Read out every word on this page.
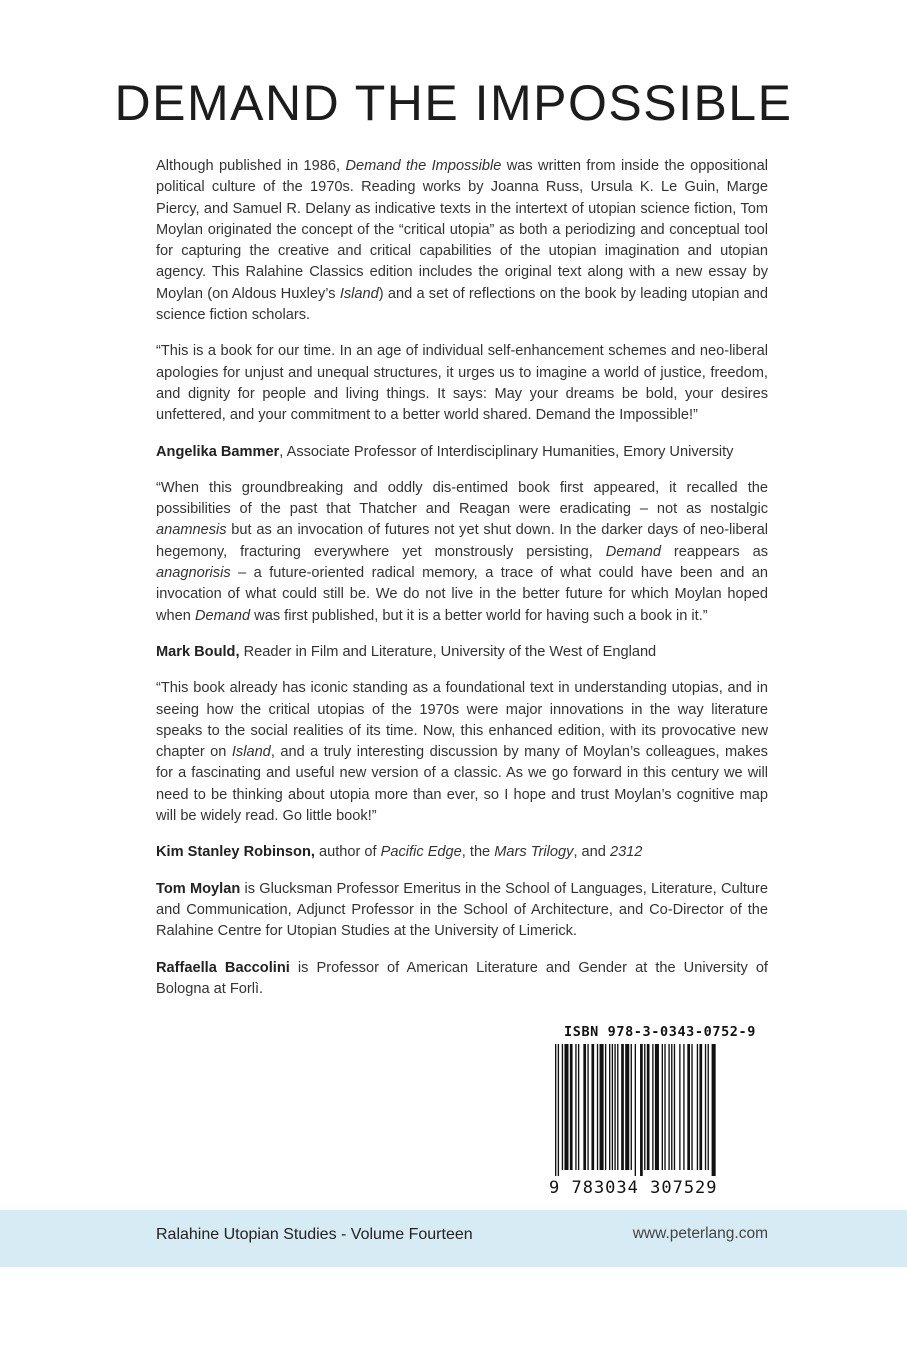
DEMAND THE IMPOSSIBLE

Although published in 1986, Demand the Impossible was written from inside the oppositional political culture of the 1970s. Reading works by Joanna Russ, Ursula K. Le Guin, Marge Piercy, and Samuel R. Delany as indicative texts in the intertext of utopian science fiction, Tom Moylan originated the concept of the “critical utopia” as both a periodizing and conceptual tool for capturing the creative and critical capabilities of the utopian imagination and utopian agency. This Ralahine Classics edition includes the original text along with a new essay by Moylan (on Aldous Huxley’s Island) and a set of reflections on the book by leading utopian and science fiction scholars.

“This is a book for our time. In an age of individual self-enhancement schemes and neo-liberal apologies for unjust and unequal structures, it urges us to imagine a world of justice, freedom, and dignity for people and living things. It says: May your dreams be bold, your desires unfettered, and your commitment to a better world shared. Demand the Impossible!”

Angelika Bammer, Associate Professor of Interdisciplinary Humanities, Emory University

“When this groundbreaking and oddly dis-entimed book first appeared, it recalled the possibilities of the past that Thatcher and Reagan were eradicating – not as nostalgic anamnesis but as an invocation of futures not yet shut down. In the darker days of neo-liberal hegemony, fracturing everywhere yet monstrously persisting, Demand reappears as anagnorisis – a future-oriented radical memory, a trace of what could have been and an invocation of what could still be. We do not live in the better future for which Moylan hoped when Demand was first published, but it is a better world for having such a book in it.”

Mark Bould, Reader in Film and Literature, University of the West of England

“This book already has iconic standing as a foundational text in understanding utopias, and in seeing how the critical utopias of the 1970s were major innovations in the way literature speaks to the social realities of its time. Now, this enhanced edition, with its provocative new chapter on Island, and a truly interesting discussion by many of Moylan’s colleagues, makes for a fascinating and useful new version of a classic. As we go forward in this century we will need to be thinking about utopia more than ever, so I hope and trust Moylan’s cognitive map will be widely read. Go little book!”

Kim Stanley Robinson, author of Pacific Edge, the Mars Trilogy, and 2312

Tom Moylan is Glucksman Professor Emeritus in the School of Languages, Literature, Culture and Communication, Adjunct Professor in the School of Architecture, and Co-Director of the Ralahine Centre for Utopian Studies at the University of Limerick.

Raffaella Baccolini is Professor of American Literature and Gender at the University of Bologna at Forlì.

ISBN 978-3-0343-0752-9
9 783034 307529
Ralahine Utopian Studies - Volume Fourteen	www.peterlang.com
